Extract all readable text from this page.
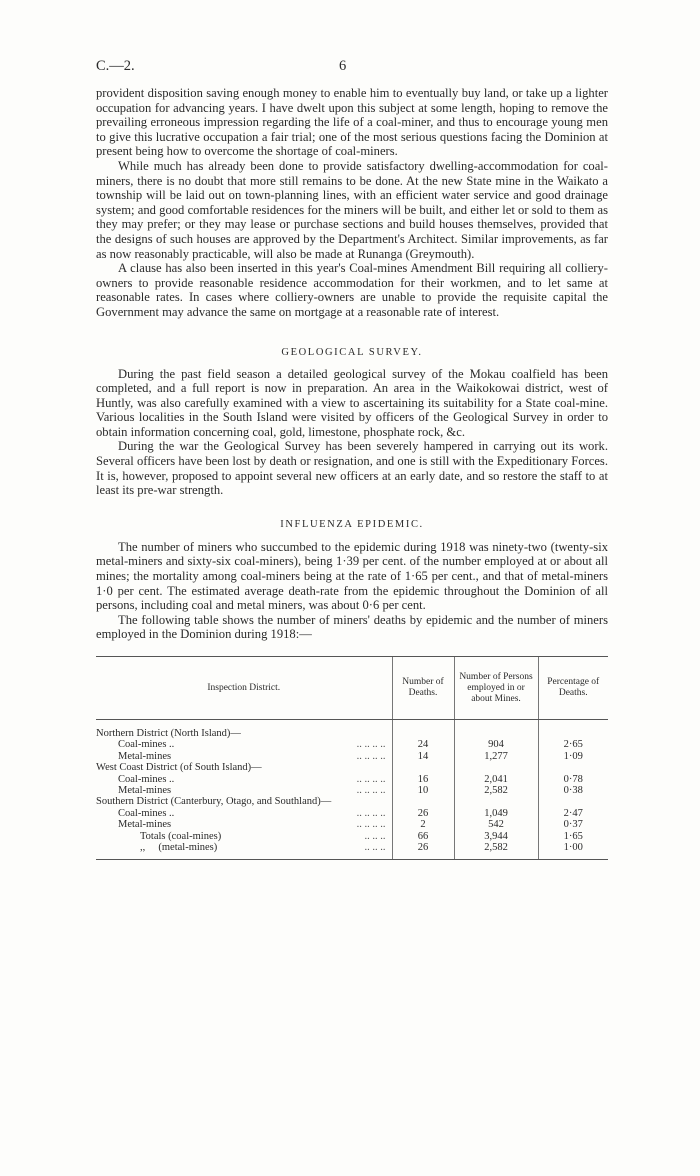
C.—2.	6

provident disposition saving enough money to enable him to eventually buy land, or take up a lighter occupation for advancing years. I have dwelt upon this subject at some length, hoping to remove the prevailing erroneous impression regarding the life of a coal-miner, and thus to encourage young men to give this lucrative occupation a fair trial; one of the most serious questions facing the Dominion at present being how to overcome the shortage of coal-miners.

While much has already been done to provide satisfactory dwelling-accommodation for coal-miners, there is no doubt that more still remains to be done. At the new State mine in the Waikato a township will be laid out on town-planning lines, with an efficient water service and good drainage system; and good comfortable residences for the miners will be built, and either let or sold to them as they may prefer; or they may lease or purchase sections and build houses themselves, provided that the designs of such houses are approved by the Department's Architect. Similar improvements, as far as now reasonably practicable, will also be made at Runanga (Greymouth).

A clause has also been inserted in this year's Coal-mines Amendment Bill requiring all colliery-owners to provide reasonable residence accommodation for their workmen, and to let same at reasonable rates. In cases where colliery-owners are unable to provide the requisite capital the Government may advance the same on mortgage at a reasonable rate of interest.

GEOLOGICAL SURVEY.

During the past field season a detailed geological survey of the Mokau coalfield has been completed, and a full report is now in preparation. An area in the Waikokowai district, west of Huntly, was also carefully examined with a view to ascertaining its suitability for a State coal-mine. Various localities in the South Island were visited by officers of the Geological Survey in order to obtain information concerning coal, gold, limestone, phosphate rock, &c.

During the war the Geological Survey has been severely hampered in carrying out its work. Several officers have been lost by death or resignation, and one is still with the Expeditionary Forces. It is, however, proposed to appoint several new officers at an early date, and so restore the staff to at least its pre-war strength.

INFLUENZA EPIDEMIC.

The number of miners who succumbed to the epidemic during 1918 was ninety-two (twenty-six metal-miners and sixty-six coal-miners), being 1·39 per cent. of the number employed at or about all mines; the mortality among coal-miners being at the rate of 1·65 per cent., and that of metal-miners 1·0 per cent. The estimated average death-rate from the epidemic throughout the Dominion of all persons, including coal and metal miners, was about 0·6 per cent.

The following table shows the number of miners' deaths by epidemic and the number of miners employed in the Dominion during 1918:—

Inspection District.	Number of Deaths.	Number of Persons employed in or about Mines.	Percentage of Deaths.

Northern District (North Island)—			

Coal-mines .. .. .. .. ..	24	904	2·65

Metal-mines .. .. .. ..	14	1,277	1·09

West Coast District (of South Island)—			

Coal-mines .. .. .. .. ..	16	2,041	0·78

Metal-mines .. .. .. ..	10	2,582	0·38

Southern District (Canterbury, Otago, and Southland)—			

Coal-mines .. .. .. .. ..	26	1,049	2·47

Metal-mines .. .. .. ..	2	542	0·37

Totals (coal-mines) .. .. ..	66	3,944	1·65

,,     (metal-mines) .. .. ..	26	2,582	1·00
